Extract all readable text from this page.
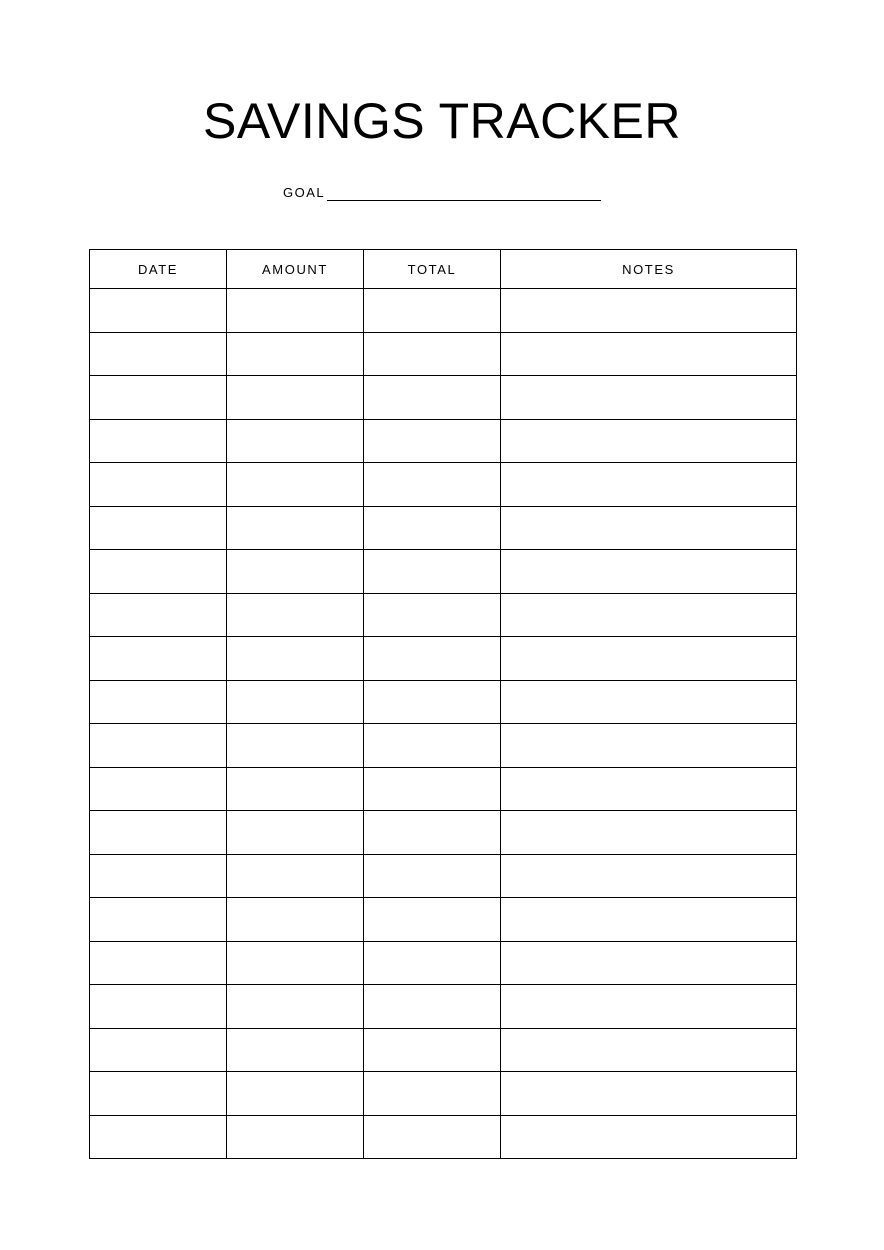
SAVINGS TRACKER
GOAL
DATE	AMOUNT	TOTAL	NOTES
